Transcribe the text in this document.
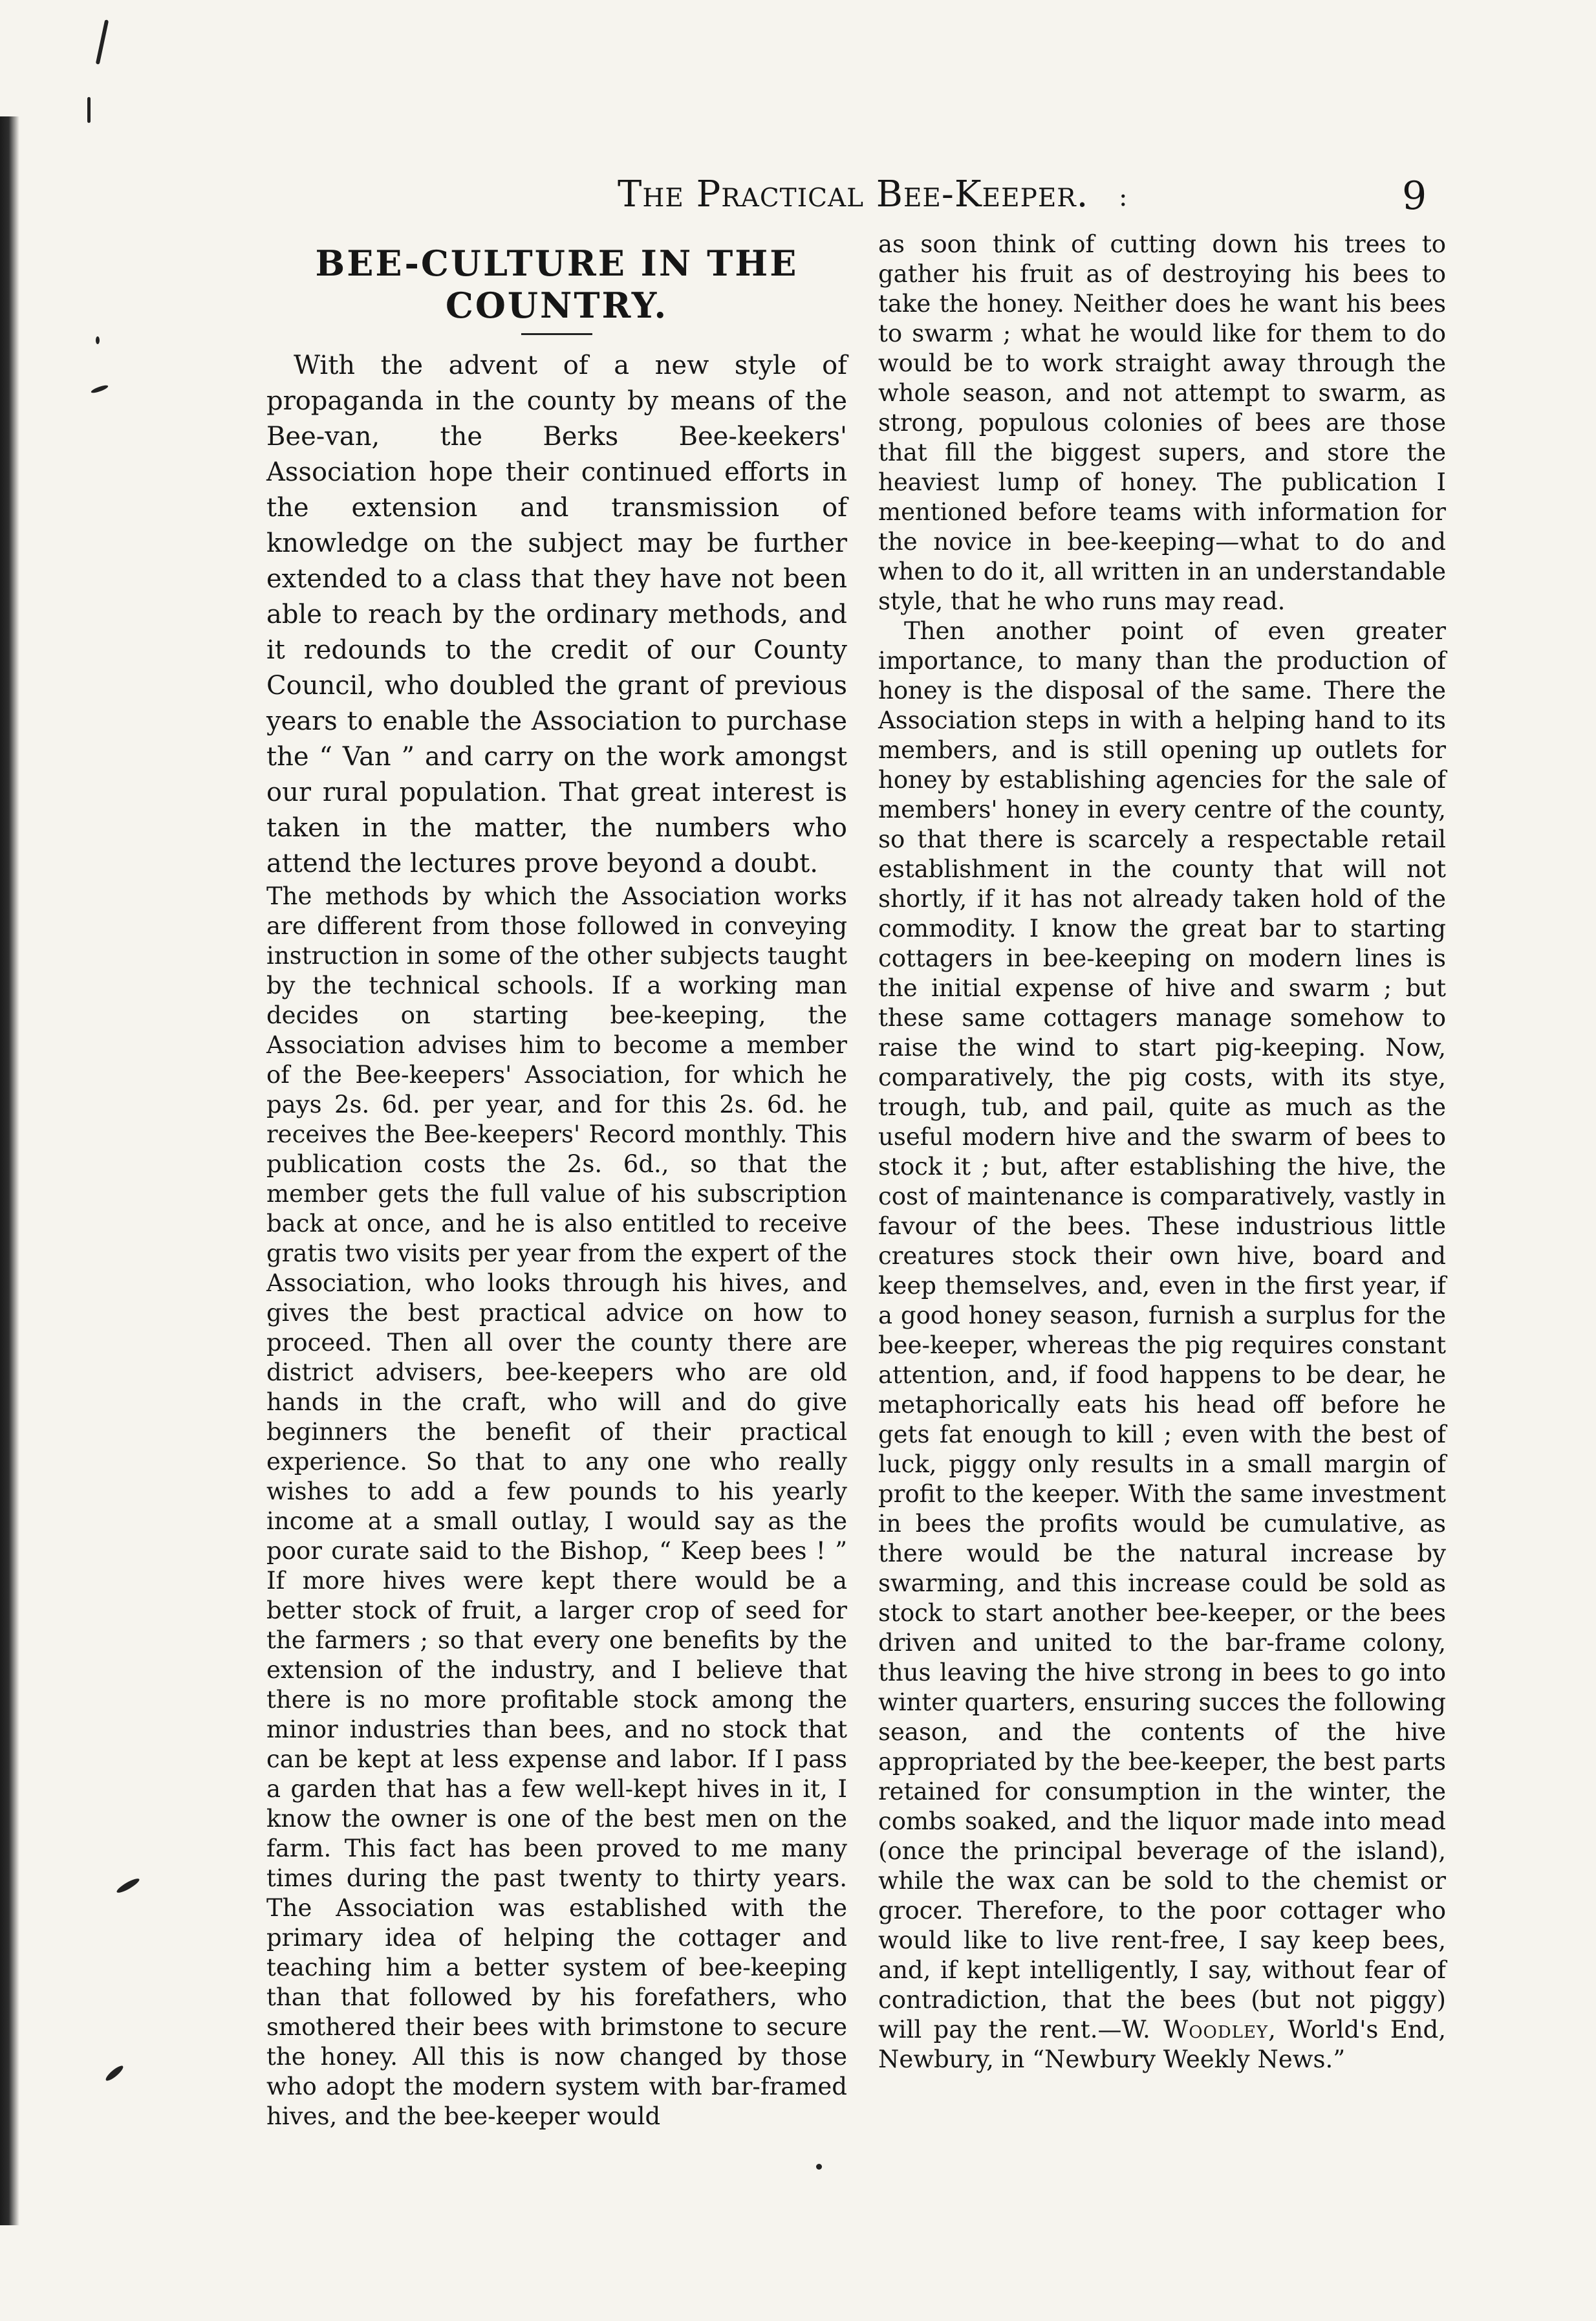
The Practical Bee-Keeper. :	9
BEE-CULTURE IN THE
COUNTRY.

With the advent of a new style of propaganda in the county by means of the Bee-van, the Berks Bee-keekers' Association hope their continued efforts in the extension and transmission of knowledge on the subject may be further extended to a class that they have not been able to reach by the ordinary methods, and it redounds to the credit of our County Council, who doubled the grant of previous years to enable the Association to purchase the “ Van ” and carry on the work amongst our rural population. That great interest is taken in the matter, the numbers who attend the lectures prove beyond a doubt.

The methods by which the Association works are different from those followed in conveying instruction in some of the other subjects taught by the technical schools. If a working man decides on starting bee-keeping, the Association advises him to become a member of the Bee-keepers' Association, for which he pays 2s. 6d. per year, and for this 2s. 6d. he receives the Bee-keepers' Record monthly. This publication costs the 2s. 6d., so that the member gets the full value of his subscription back at once, and he is also entitled to receive gratis two visits per year from the expert of the Association, who looks through his hives, and gives the best practical advice on how to proceed. Then all over the county there are district advisers, bee-keepers who are old hands in the craft, who will and do give beginners the benefit of their practical experience. So that to any one who really wishes to add a few pounds to his yearly income at a small outlay, I would say as the poor curate said to the Bishop, “ Keep bees ! ” If more hives were kept there would be a better stock of fruit, a larger crop of seed for the farmers ; so that every one benefits by the extension of the industry, and I believe that there is no more profitable stock among the minor industries than bees, and no stock that can be kept at less expense and labor. If I pass a garden that has a few well-kept hives in it, I know the owner is one of the best men on the farm. This fact has been proved to me many times during the past twenty to thirty years. The Association was established with the primary idea of helping the cottager and teaching him a better system of bee-keeping than that followed by his forefathers, who smothered their bees with brimstone to secure the honey. All this is now changed by those who adopt the modern system with bar-framed hives, and the bee-keeper would

as soon think of cutting down his trees to gather his fruit as of destroying his bees to take the honey. Neither does he want his bees to swarm ; what he would like for them to do would be to work straight away through the whole season, and not attempt to swarm, as strong, populous colonies of bees are those that fill the biggest supers, and store the heaviest lump of honey. The publication I mentioned before teams with information for the novice in bee-keeping—what to do and when to do it, all written in an understandable style, that he who runs may read.

Then another point of even greater importance, to many than the production of honey is the disposal of the same. There the Association steps in with a helping hand to its members, and is still opening up outlets for honey by establishing agencies for the sale of members' honey in every centre of the county, so that there is scarcely a respectable retail establishment in the county that will not shortly, if it has not already taken hold of the commodity. I know the great bar to starting cottagers in bee-keeping on modern lines is the initial expense of hive and swarm ; but these same cottagers manage somehow to raise the wind to start pig-keeping. Now, comparatively, the pig costs, with its stye, trough, tub, and pail, quite as much as the useful modern hive and the swarm of bees to stock it ; but, after establishing the hive, the cost of maintenance is comparatively, vastly in favour of the bees. These industrious little creatures stock their own hive, board and keep themselves, and, even in the first year, if a good honey season, furnish a surplus for the bee-keeper, whereas the pig requires constant attention, and, if food happens to be dear, he metaphorically eats his head off before he gets fat enough to kill ; even with the best of luck, piggy only results in a small margin of profit to the keeper. With the same investment in bees the profits would be cumulative, as there would be the natural increase by swarming, and this increase could be sold as stock to start another bee-keeper, or the bees driven and united to the bar-frame colony, thus leaving the hive strong in bees to go into winter quarters, ensuring succes the following season, and the contents of the hive appropriated by the bee-keeper, the best parts retained for consumption in the winter, the combs soaked, and the liquor made into mead (once the principal beverage of the island), while the wax can be sold to the chemist or grocer. Therefore, to the poor cottager who would like to live rent-free, I say keep bees, and, if kept intelligently, I say, without fear of contradiction, that the bees (but not piggy) will pay the rent.—W. Woodley, World's End, Newbury, in “Newbury Weekly News.”
